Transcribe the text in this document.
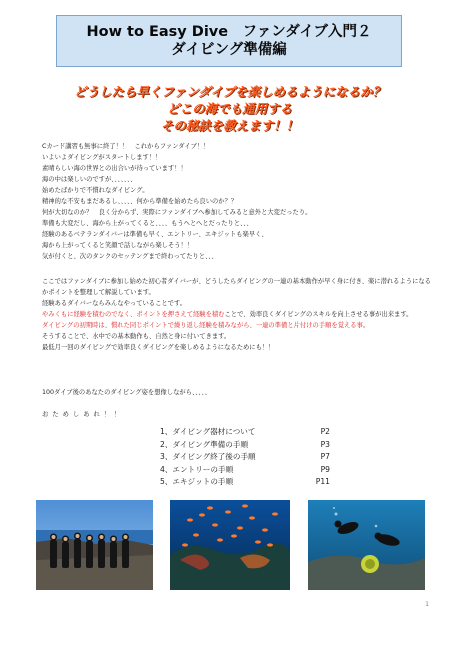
How to Easy Dive　ファンダイブ入門２
ダイビング準備編
どうしたら早くファンダイブを楽しめるようになるか？
どこの海でも通用する
その秘訣を教えます！！

Cカード講習も無事に終了！！　これからファンダイブ！！

いよいよダイビングがスタートします！！

素晴らしい海の世界との出合いが待っています！！

海の中は楽しいのですが、、、、、、、

始めたばかりで不慣れなダイビング。

精神的な不安もまだあるし、、、、、何から準備を始めたら良いのか？？

何が大切なのか？　良く分からず、実際にファンダイブへ参加してみると意外と大変だったり。

準備も大変だし、海から上がってくると、、、、もうへとへとだったりと、、、

経験のあるベテランダイバーは準備も早く、エントリー、エキジットも楽早く、

海から上がってくると笑顔で話しながら楽しそう！！

気が付くと、次のタンクのセッテングまで終わってたりと、、、

ここではファンダイブに参加し始めた初心者ダイバーが、どうしたらダイビングの一連の基本動作が早く身に付き、楽に潜れるようになるかポイントを整理して解説しています。

経験あるダイバーならみんなやっていることです。

やみくもに経験を積むのでなく、ポイントを押さえて経験を積むことで、効率良くダイビングのスキルを向上させる事が出来ます。

ダイビングの初期時は、慣れた同じポイントで繰り返し経験を積みながら、一連の準備と片付けの手順を覚える事。

そうすることで、水中での基本動作も、自然と身に付いてきます。

最低月一回のダイビングで効率良くダイビングを楽しめるようになるためにも！！

100ダイブ後のあなたのダイビング姿を想像しながら、、、、、

おためしあれ！！

1、ダイビング器材について	P2
2、ダイビング準備の手順	P3
3、ダイビング終了後の手順	P7
4、エントリーの手順	P9
5、エキジットの手順	P11
1
